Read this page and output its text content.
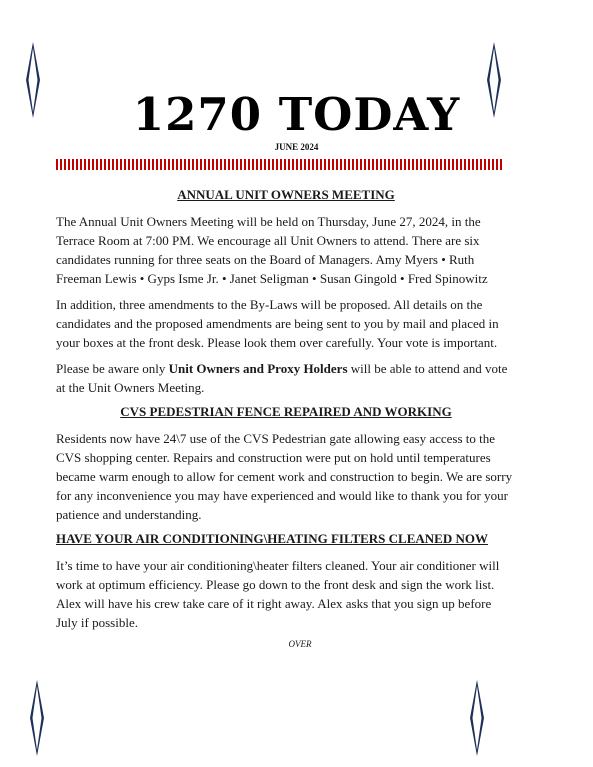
1270 TODAY
JUNE 2024
ANNUAL UNIT OWNERS MEETING

The Annual Unit Owners Meeting will be held on Thursday, June 27, 2024, in the Terrace Room at 7:00 PM. We encourage all Unit Owners to attend. There are six candidates running for three seats on the Board of Managers. Amy Myers • Ruth Freeman Lewis • Gyps Isme Jr. • Janet Seligman • Susan Gingold • Fred Spinowitz

In addition, three amendments to the By-Laws will be proposed. All details on the candidates and the proposed amendments are being sent to you by mail and placed in your boxes at the front desk. Please look them over carefully. Your vote is important.

Please be aware only Unit Owners and Proxy Holders will be able to attend and vote at the Unit Owners Meeting.

CVS PEDESTRIAN FENCE REPAIRED AND WORKING

Residents now have 24\7 use of the CVS Pedestrian gate allowing easy access to the CVS shopping center. Repairs and construction were put on hold until temperatures became warm enough to allow for cement work and construction to begin. We are sorry for any inconvenience you may have experienced and would like to thank you for your patience and understanding.

HAVE YOUR AIR CONDITIONING\HEATING FILTERS CLEANED NOW

It’s time to have your air conditioning\heater filters cleaned. Your air conditioner will work at optimum efficiency. Please go down to the front desk and sign the work list. Alex will have his crew take care of it right away. Alex asks that you sign up before July if possible.

OVER
